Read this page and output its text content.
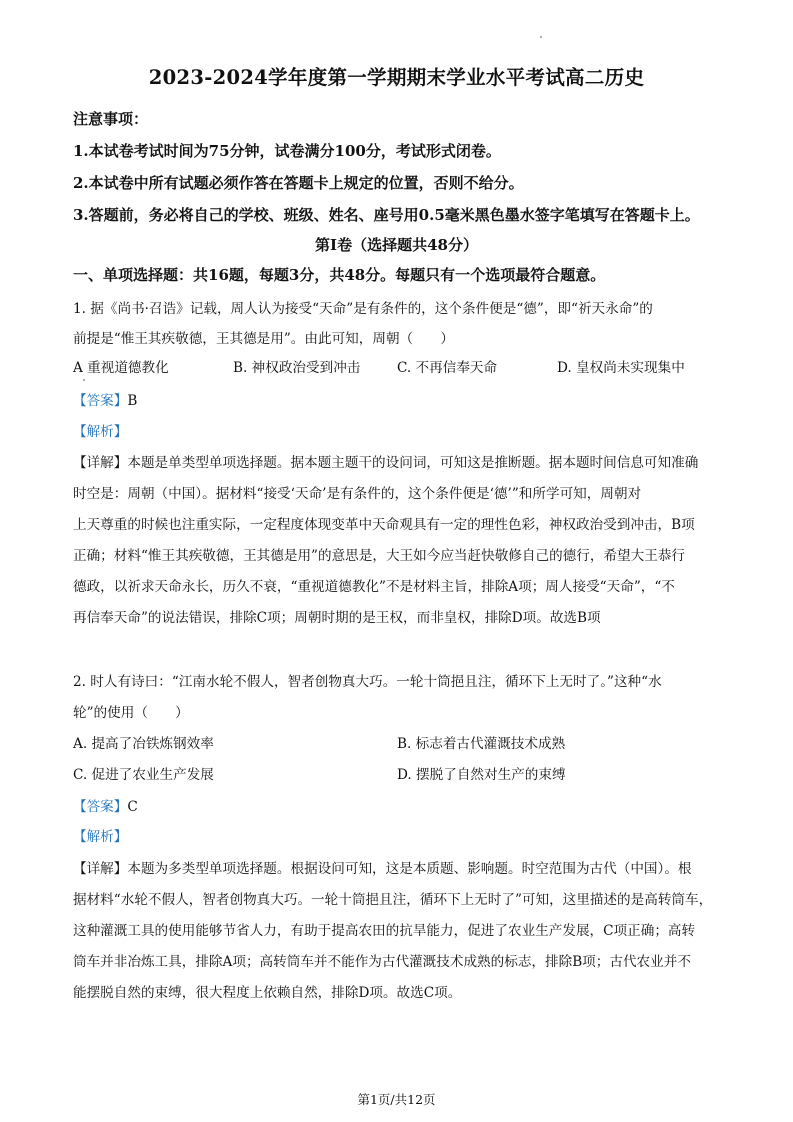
2023-2024学年度第一学期期末学业水平考试高二历史
注意事项：
1.本试卷考试时间为75分钟，试卷满分100分，考试形式闭卷。
2.本试卷中所有试题必须作答在答题卡上规定的位置，否则不给分。
3.答题前，务必将自己的学校、班级、姓名、座号用0.5毫米黑色墨水签字笔填写在答题卡上。
第Ⅰ卷（选择题共48分）
一、单项选择题：共16题，每题3分，共48分。每题只有一个选项最符合题意。
1. 据《尚书·召诰》记载，周人认为接受“天命”是有条件的，这个条件便是“德”，即“祈天永命”的
前提是“惟王其疾敬德，王其德是用”。由此可知，周朝（　　）
A 重视道德教化	B. 神权政治受到冲击	C. 不再信奉天命	D. 皇权尚未实现集中
【答案】B
【解析】
【详解】本题是单类型单项选择题。据本题主题干的设问词，可知这是推断题。据本题时间信息可知准确
时空是：周朝（中国）。据材料“接受‘天命’是有条件的，这个条件便是‘德’”和所学可知，周朝对
上天尊重的时候也注重实际，一定程度体现变革中天命观具有一定的理性色彩，神权政治受到冲击，B项
正确；材料“惟王其疾敬德，王其德是用”的意思是，大王如今应当赶快敬修自己的德行，希望大王恭行
德政，以祈求天命永长，历久不衰，“重视道德教化”不是材料主旨，排除A项；周人接受“天命”，“不
再信奉天命”的说法错误，排除C项；周朝时期的是王权，而非皇权，排除D项。故选B项
2. 时人有诗曰：“江南水轮不假人，智者创物真大巧。一轮十筒挹且注，循环下上无时了。”这种“水
轮”的使用（　　）
A. 提高了冶铁炼钢效率	B. 标志着古代灌溉技术成熟
C. 促进了农业生产发展	D. 摆脱了自然对生产的束缚
【答案】C
【解析】
【详解】本题为多类型单项选择题。根据设问可知，这是本质题、影响题。时空范围为古代（中国）。根
据材料“水轮不假人，智者创物真大巧。一轮十筒挹且注，循环下上无时了”可知，这里描述的是高转筒车，
这种灌溉工具的使用能够节省人力，有助于提高农田的抗旱能力，促进了农业生产发展，C项正确；高转
筒车并非冶炼工具，排除A项；高转筒车并不能作为古代灌溉技术成熟的标志，排除B项；古代农业并不
能摆脱自然的束缚，很大程度上依赖自然，排除D项。故选C项。
第1页/共12页
